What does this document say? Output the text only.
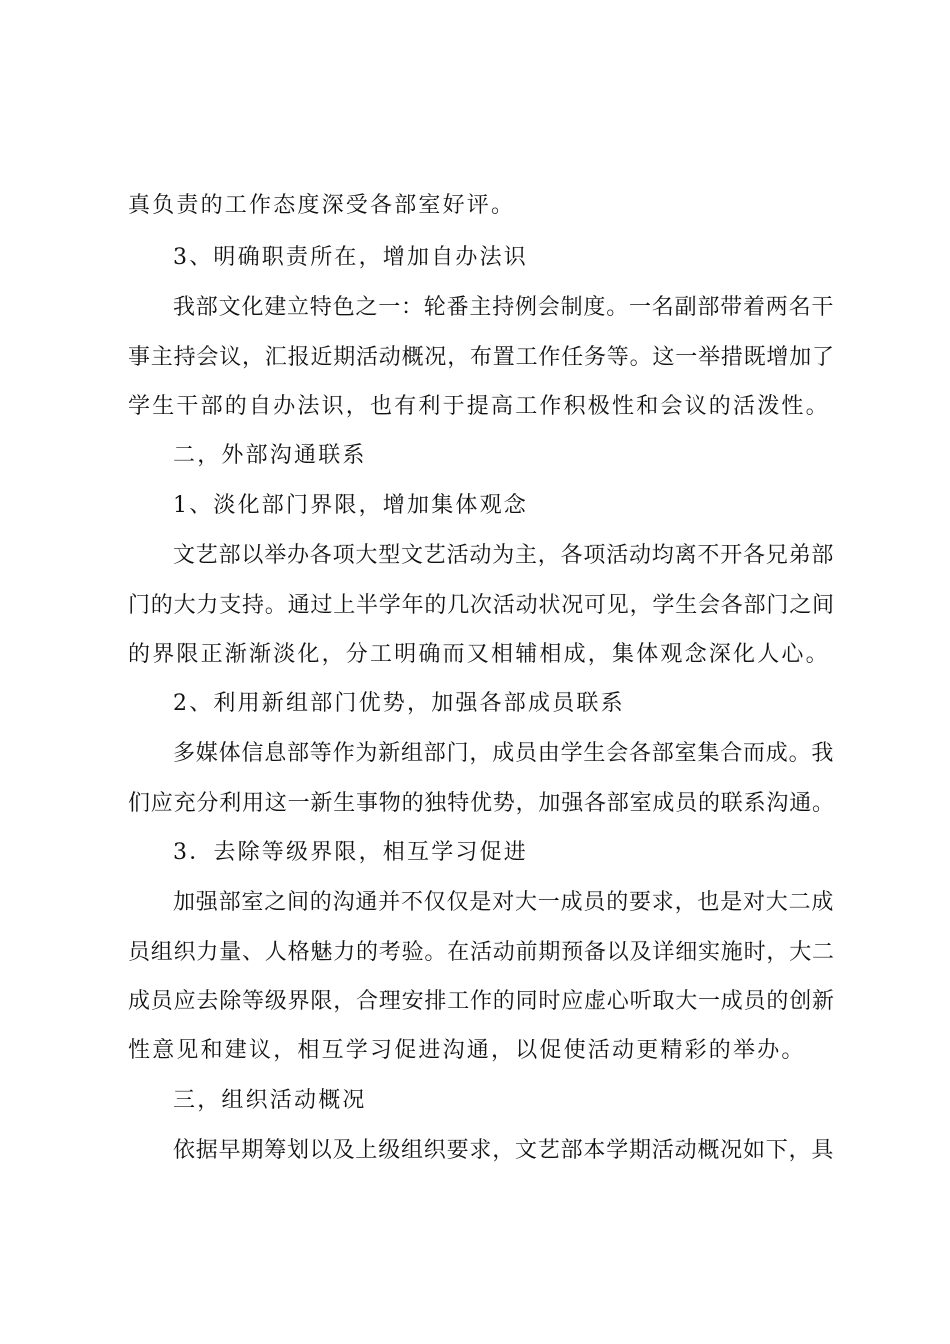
真负责的工作态度深受各部室好评。
3、明确职责所在，增加自办法识
我部文化建立特色之一：轮番主持例会制度。一名副部带着两名干
事主持会议，汇报近期活动概况，布置工作任务等。这一举措既增加了
学生干部的自办法识，也有利于提高工作积极性和会议的活泼性。
二，外部沟通联系
1、淡化部门界限，增加集体观念
文艺部以举办各项大型文艺活动为主，各项活动均离不开各兄弟部
门的大力支持。通过上半学年的几次活动状况可见，学生会各部门之间
的界限正渐渐淡化，分工明确而又相辅相成，集体观念深化人心。
2、利用新组部门优势，加强各部成员联系
多媒体信息部等作为新组部门，成员由学生会各部室集合而成。我
们应充分利用这一新生事物的独特优势，加强各部室成员的联系沟通。
3．去除等级界限，相互学习促进
加强部室之间的沟通并不仅仅是对大一成员的要求，也是对大二成
员组织力量、人格魅力的考验。在活动前期预备以及详细实施时，大二
成员应去除等级界限，合理安排工作的同时应虚心听取大一成员的创新
性意见和建议，相互学习促进沟通，以促使活动更精彩的举办。
三，组织活动概况
依据早期筹划以及上级组织要求，文艺部本学期活动概况如下，具
